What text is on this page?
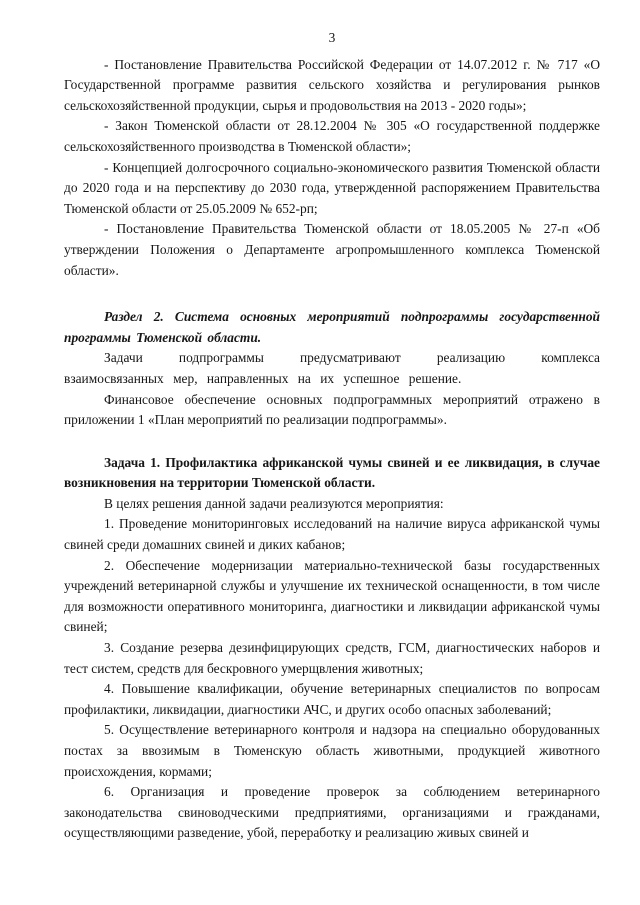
3

- Постановление Правительства Российской Федерации от 14.07.2012 г. № 717 «О Государственной программе развития сельского хозяйства и регулирования рынков сельскохозяйственной продукции, сырья и продовольствия на 2013 - 2020 годы»;

- Закон Тюменской области от 28.12.2004 № 305 «О государственной поддержке сельскохозяйственного производства в Тюменской области»;

- Концепцией долгосрочного социально-экономического развития Тюменской области до 2020 года и на перспективу до 2030 года, утвержденной распоряжением Правительства Тюменской области от 25.05.2009 № 652-рп;

- Постановление Правительства Тюменской области от 18.05.2005 № 27-п «Об утверждении Положения о Департаменте агропромышленного комплекса Тюменской области».

Раздел 2. Система основных мероприятий подпрограммы государственной программы Тюменской области.

Задачи подпрограммы предусматривают реализацию комплекса взаимосвязанных мер, направленных на их успешное решение.

Финансовое обеспечение основных подпрограммных мероприятий отражено в приложении 1 «План мероприятий по реализации подпрограммы».

Задача 1. Профилактика африканской чумы свиней и ее ликвидация, в случае возникновения на территории Тюменской области.

В целях решения данной задачи реализуются мероприятия:

1. Проведение мониторинговых исследований на наличие вируса африканской чумы свиней среди домашних свиней и диких кабанов;

2. Обеспечение модернизации материально-технической базы государственных учреждений ветеринарной службы и улучшение их технической оснащенности, в том числе для возможности оперативного мониторинга, диагностики и ликвидации африканской чумы свиней;

3. Создание резерва дезинфицирующих средств, ГСМ, диагностических наборов и тест систем, средств для бескровного умерщвления животных;

4. Повышение квалификации, обучение ветеринарных специалистов по вопросам профилактики, ликвидации, диагностики АЧС, и других особо опасных заболеваний;

5. Осуществление ветеринарного контроля и надзора на специально оборудованных постах за ввозимым в Тюменскую область животными, продукцией животного происхождения, кормами;

6. Организация и проведение проверок за соблюдением ветеринарного законодательства свиноводческими предприятиями, организациями и гражданами, осуществляющими разведение, убой, переработку и реализацию живых свиней и
